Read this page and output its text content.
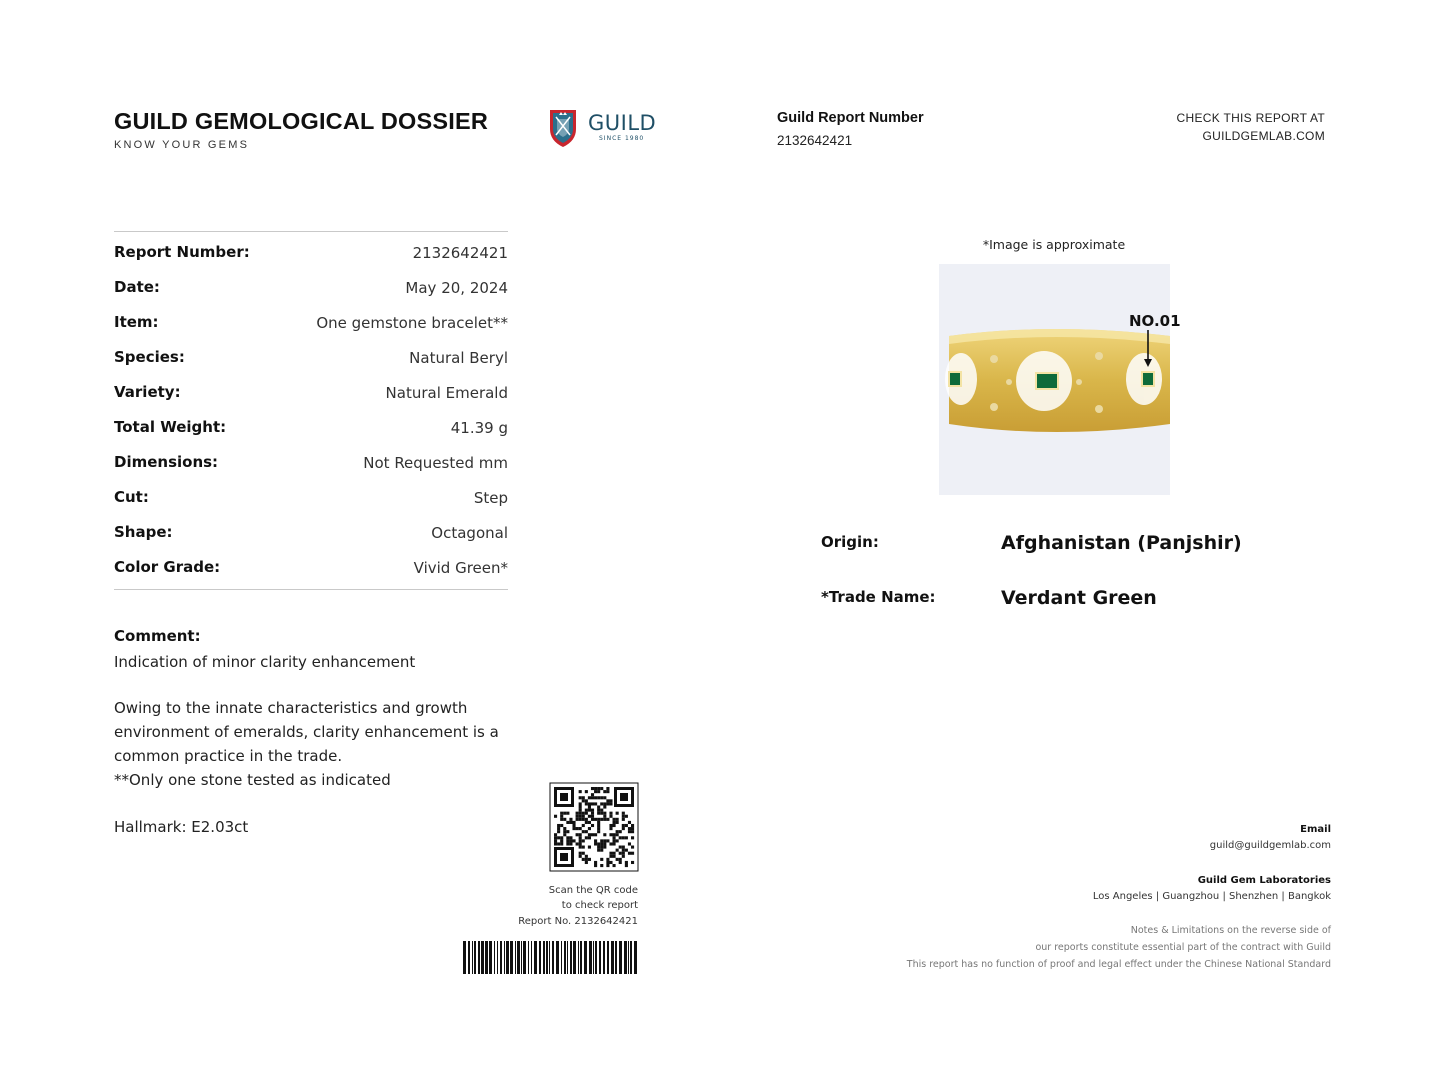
GUILD GEMOLOGICAL DOSSIER
KNOW YOUR GEMS
GUILD
SINCE 1980
Guild Report Number
2132642421
CHECK THIS REPORT AT
GUILDGEMLAB.COM
Report Number:	2132642421
Date:	May 20, 2024
Item:	One gemstone bracelet**
Species:	Natural Beryl
Variety:	Natural Emerald
Total Weight:	41.39 g
Dimensions:	Not Requested mm
Cut:	Step
Shape:	Octagonal
Color Grade:	Vivid Green*
Comment:
Indication of minor clarity enhancement
Owing to the innate characteristics and growth
environment of emeralds, clarity enhancement is a
common practice in the trade.
**Only one stone tested as indicated
Hallmark: E2.03ct
Scan the QR code
to check report
Report No. 2132642421
*Image is approximate
NO.01
Origin:	Afghanistan (Panjshir)
*Trade Name:	Verdant Green
Email
guild@guildgemlab.com
Guild Gem Laboratories
Los Angeles | Guangzhou | Shenzhen | Bangkok
Notes & Limitations on the reverse side of
our reports constitute essential part of the contract with Guild
This report has no function of proof and legal effect under the Chinese National Standard
